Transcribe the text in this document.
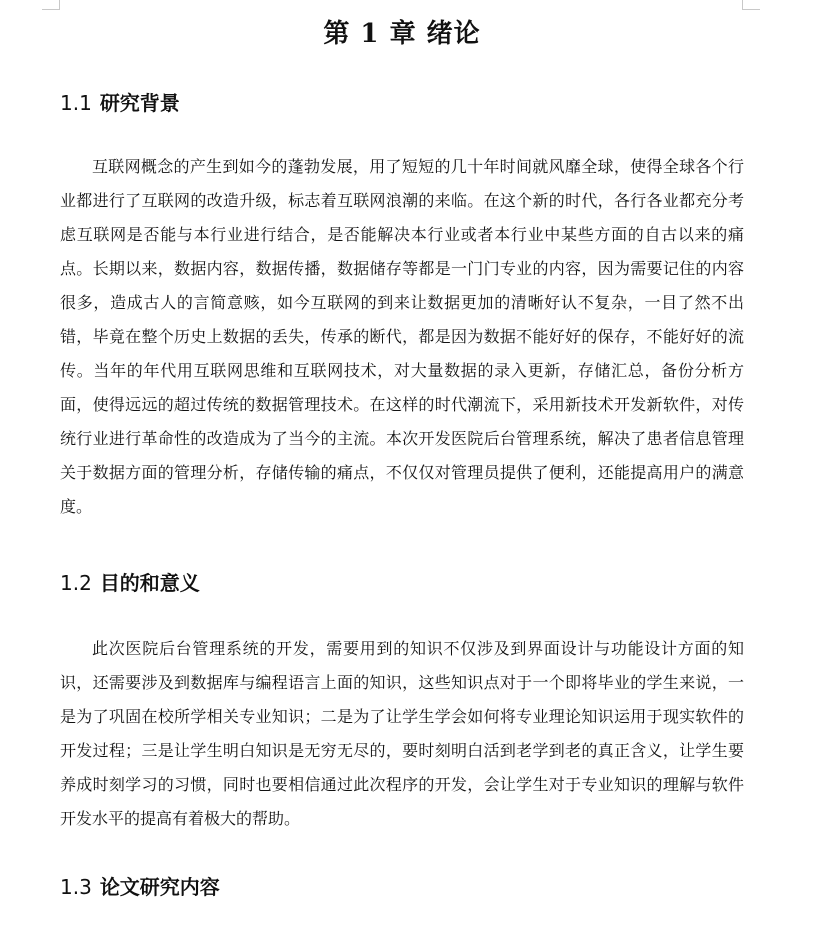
第 1 章 绪论
1.1 研究背景

互联网概念的产生到如今的蓬勃发展，用了短短的几十年时间就风靡全球，使得全球各个行业都进行了互联网的改造升级，标志着互联网浪潮的来临。在这个新的时代，各行各业都充分考虑互联网是否能与本行业进行结合，是否能解决本行业或者本行业中某些方面的自古以来的痛点。长期以来，数据内容，数据传播，数据储存等都是一门门专业的内容，因为需要记住的内容很多，造成古人的言简意赅，如今互联网的到来让数据更加的清晰好认不复杂，一目了然不出错，毕竟在整个历史上数据的丢失，传承的断代，都是因为数据不能好好的保存，不能好好的流传。当年的年代用互联网思维和互联网技术，对大量数据的录入更新，存储汇总，备份分析方面，使得远远的超过传统的数据管理技术。在这样的时代潮流下，采用新技术开发新软件，对传统行业进行革命性的改造成为了当今的主流。本次开发医院后台管理系统，解决了患者信息管理关于数据方面的管理分析，存储传输的痛点，不仅仅对管理员提供了便利，还能提高用户的满意度。

1.2 目的和意义

此次医院后台管理系统的开发，需要用到的知识不仅涉及到界面设计与功能设计方面的知识，还需要涉及到数据库与编程语言上面的知识，这些知识点对于一个即将毕业的学生来说，一是为了巩固在校所学相关专业知识；二是为了让学生学会如何将专业理论知识运用于现实软件的开发过程；三是让学生明白知识是无穷无尽的，要时刻明白活到老学到老的真正含义，让学生要养成时刻学习的习惯，同时也要相信通过此次程序的开发，会让学生对于专业知识的理解与软件开发水平的提高有着极大的帮助。

1.3 论文研究内容
